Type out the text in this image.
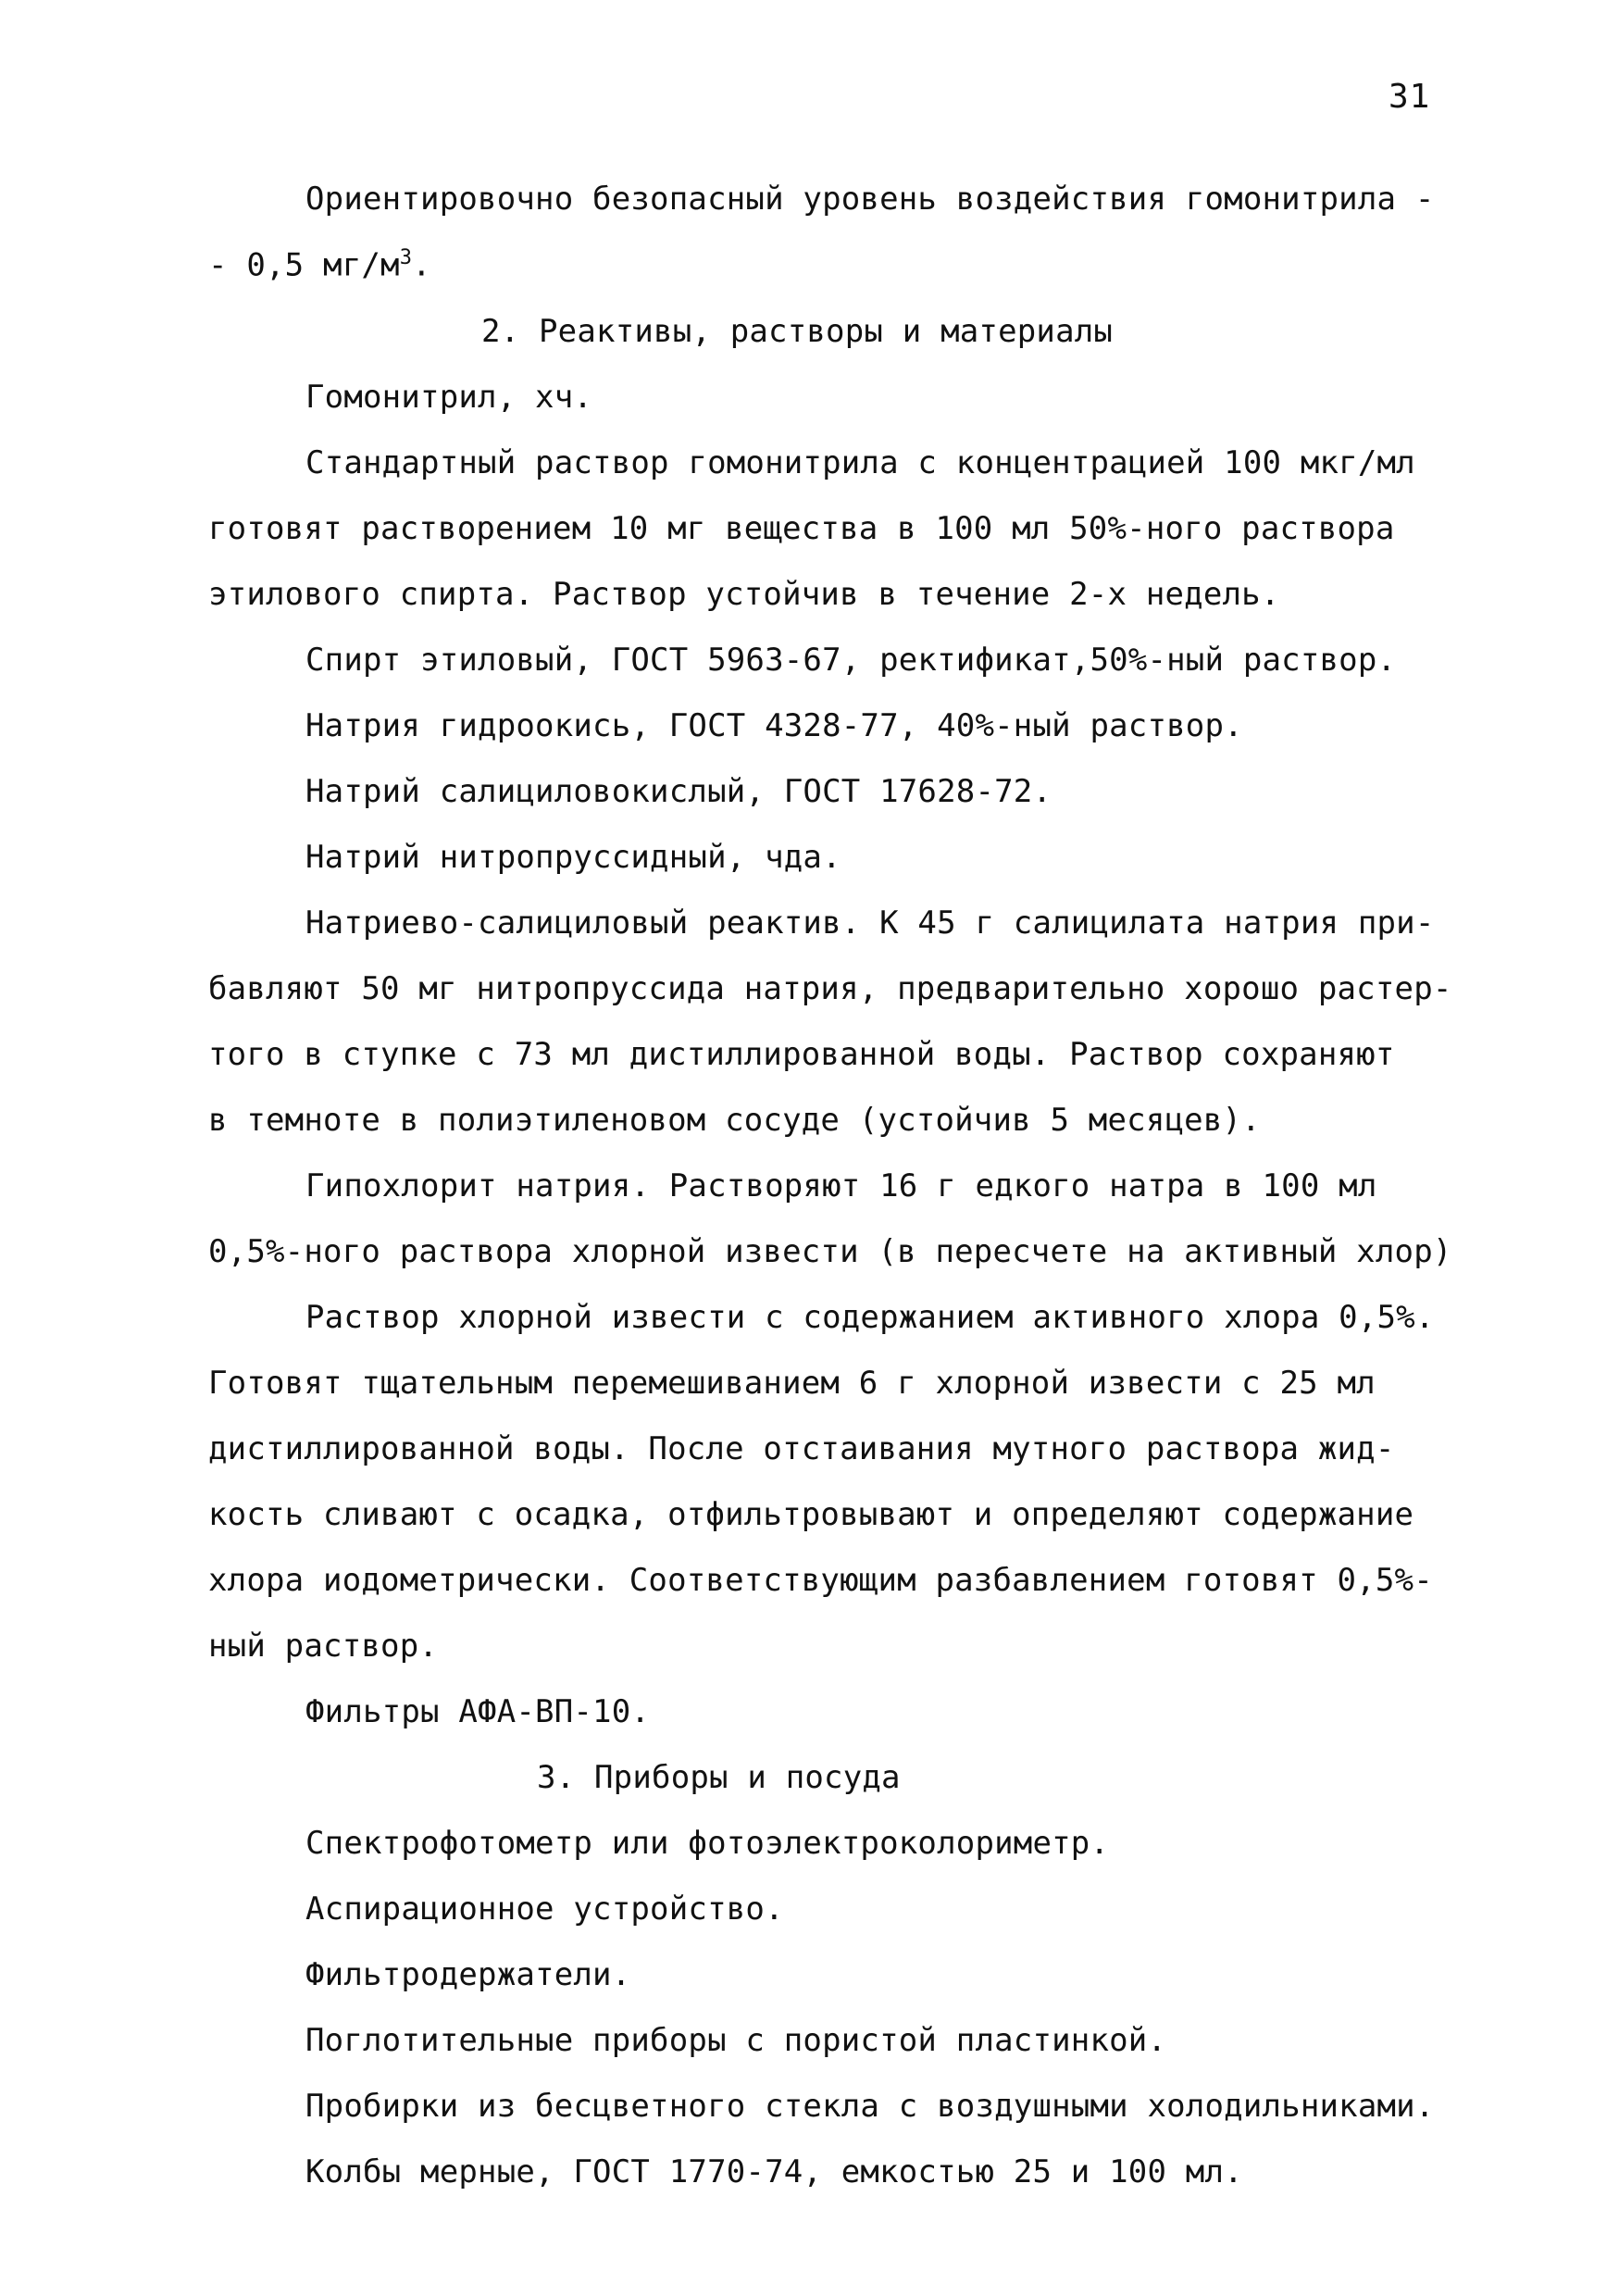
31
Ориентировочно безопасный уровень воздействия гомонитрила -
- 0,5 $мг/м^3$.
2. Реактивы, растворы и материалы
Гомонитрил, хч.
Стандартный раствор гомонитрила с концентрацией 100 мкг/мл
готовят растворением 10 мг вещества в 100 мл 50%-ного раствора
этилового спирта. Раствор устойчив в течение 2-х недель.
Спирт этиловый, ГОСТ 5963-67, ректификат,50%-ный раствор.
Натрия гидроокись, ГОСТ 4328-77, 40%-ный раствор.
Натрий салициловокислый, ГОСТ 17628-72.
Натрий нитропруссидный, чда.
Натриево-салициловый реактив. К 45 г салицилата натрия при-
бавляют 50 мг нитропруссида натрия, предварительно хорошо растер-
того в ступке с 73 мл дистиллированной воды. Раствор сохраняют
в темноте в полиэтиленовом сосуде (устойчив 5 месяцев).
Гипохлорит натрия. Растворяют 16 г едкого натра в 100 мл
0,5%-ного раствора хлорной извести (в пересчете на активный хлор)
Раствор хлорной извести с содержанием активного хлора 0,5%.
Готовят тщательным перемешиванием 6 г хлорной извести с 25 мл
дистиллированной воды. После отстаивания мутного раствора жид-
кость сливают с осадка, отфильтровывают и определяют содержание
хлора иодометрически. Соответствующим разбавлением готовят 0,5%-
ный раствор.
Фильтры АФА-ВП-10.
3. Приборы и посуда
Спектрофотометр или фотоэлектроколориметр.
Аспирационное устройство.
Фильтродержатели.
Поглотительные приборы с пористой пластинкой.
Пробирки из бесцветного стекла с воздушными холодильниками.
Колбы мерные, ГОСТ 1770-74, емкостью 25 и 100 мл.
